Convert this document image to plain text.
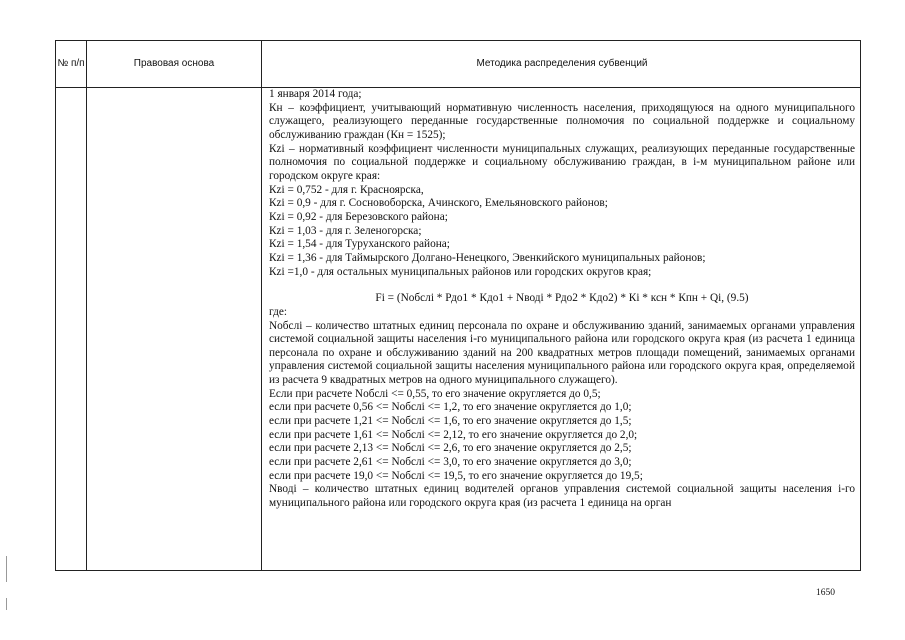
№ п/п	Правовая основа	Методика распределения субвенций

1 января 2014 года;

Кн – коэффициент, учитывающий нормативную численность населения, приходящуюся на одного муниципального служащего, реализующего переданные государственные полномочия по социальной поддержке и социальному обслуживанию граждан (Кн = 1525);

Кzi – нормативный коэффициент численности муниципальных служащих, реализующих переданные государственные полномочия по социальной поддержке и социальному обслуживанию граждан, в i-м муниципальном районе или городском округе края:

Кzi = 0,752 - для г. Красноярска,

Кzi = 0,9 - для г. Сосновоборска, Ачинского, Емельяновского районов;

Кzi = 0,92 - для Березовского района;

Кzi = 1,03 - для г. Зеленогорска;

Кzi = 1,54 - для Туруханского района;

Кzi = 1,36 - для Таймырского Долгано-Ненецкого, Эвенкийского муниципальных районов;

Кzi =1,0 - для остальных муниципальных районов или городских округов края;

Fi = (Nобслi * Рдо1 * Кдо1 + Nводi * Рдо2 * Кдо2) * Кi * ксн * Кпн + Qi, (9.5)

где:

Nобслi – количество штатных единиц персонала по охране и обслуживанию зданий, занимаемых органами управления системой социальной защиты населения i-го муниципального района или городского округа края (из расчета 1 единица персонала по охране и обслуживанию зданий на 200 квадратных метров площади помещений, занимаемых органами управления системой социальной защиты населения муниципального района или городского округа края, определяемой из расчета 9 квадратных метров на одного муниципального служащего).

Если при расчете Nобслi <= 0,55, то его значение округляется до 0,5;

если при расчете 0,56 <= Nобслi <= 1,2, то его значение округляется до 1,0;

если при расчете 1,21 <= Nобслi <= 1,6, то его значение округляется до 1,5;

если при расчете 1,61 <= Nобслi <= 2,12, то его значение округляется до 2,0;

если при расчете 2,13 <= Nобслi <= 2,6, то его значение округляется до 2,5;

если при расчете 2,61 <= Nобслi <= 3,0, то его значение округляется до 3,0;

если при расчете 19,0 <= Nобслi <= 19,5, то его значение округляется до 19,5;

Nводi – количество штатных единиц водителей органов управления системой социальной защиты населения i-го муниципального района или городского округа края (из расчета 1 единица на орган

1650
